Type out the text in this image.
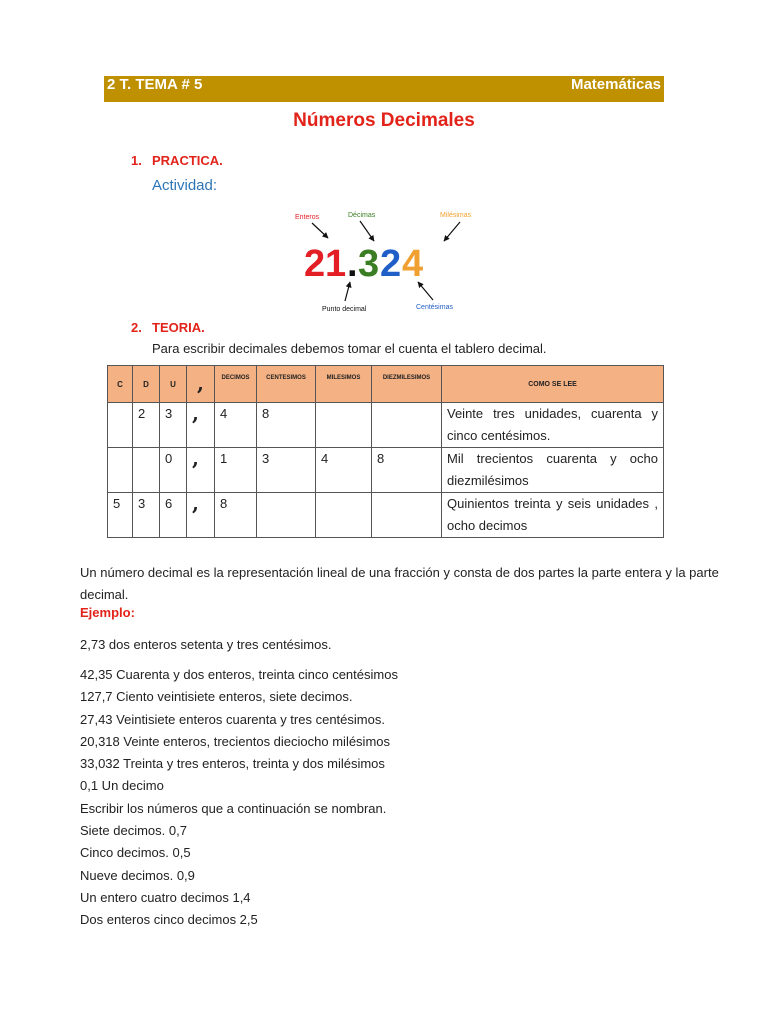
2 T. TEMA # 5	Matemáticas
Números Decimales
1. PRACTICA.
Actividad:
Enteros	Décimas	Milésimas
2 1 . 3 2 4
Punto decimal	Centésimas
2. TEORIA.
Para escribir decimales debemos tomar el cuenta el tablero decimal.
C	D	U	,	DECIMOS	CENTESIMOS	MILESIMOS	DIEZMILESIMOS	COMO SE LEE
	2	3	,	4	8			Veinte tres unidades, cuarenta y cinco centésimos.
		0	,	1	3	4	8	Mil trecientos cuarenta y ocho diezmilésimos
5	3	6	,	8				Quinientos treinta y seis unidades , ocho decimos
Un número decimal es la representación lineal de una fracción y consta de dos partes la parte entera y la parte decimal.
Ejemplo:
2,73 dos enteros setenta y tres centésimos.
42,35 Cuarenta y dos enteros, treinta cinco centésimos
127,7 Ciento veintisiete enteros, siete decimos.
27,43 Veintisiete enteros cuarenta y tres centésimos.
20,318 Veinte enteros, trecientos dieciocho milésimos
33,032 Treinta y tres enteros, treinta y dos milésimos
0,1 Un decimo
Escribir los números que a continuación se nombran.
Siete decimos. 0,7
Cinco decimos. 0,5
Nueve decimos. 0,9
Un entero cuatro decimos 1,4
Dos enteros cinco decimos 2,5
